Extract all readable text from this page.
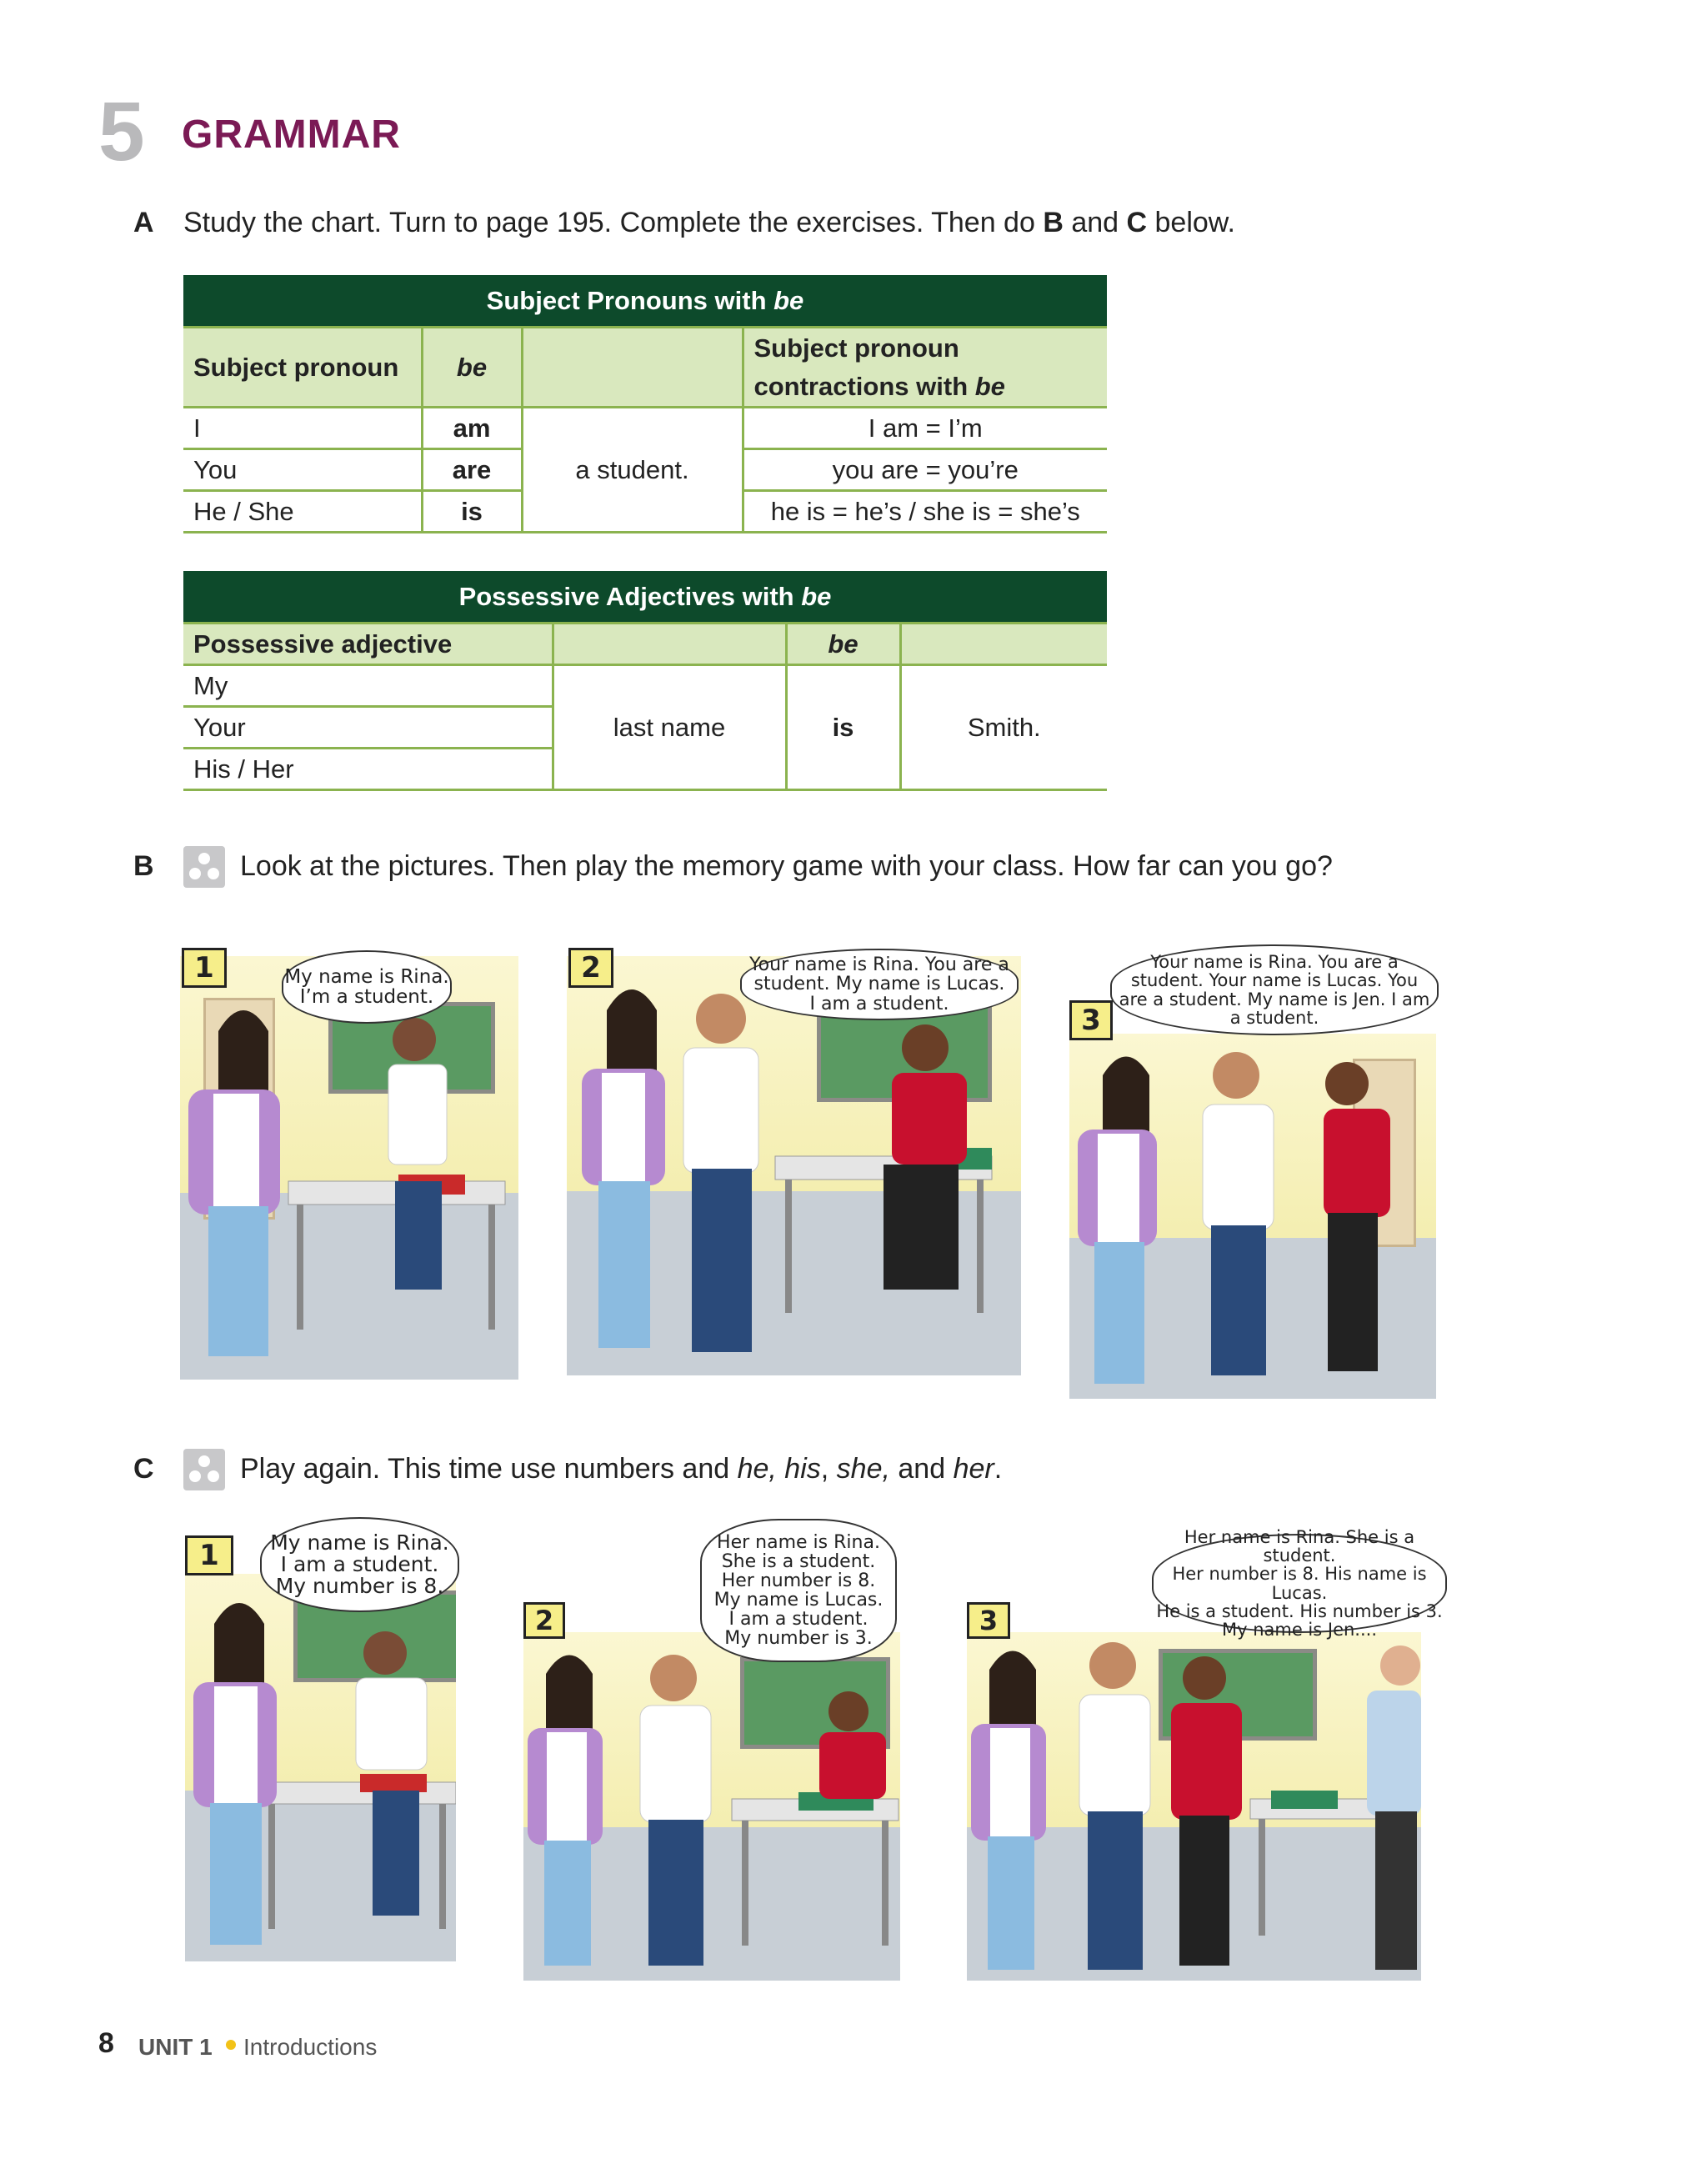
5 GRAMMAR
A Study the chart. Turn to page 195. Complete the exercises. Then do B and C below.
Subject Pronouns with be			
Subject pronoun	be		Subject pronoun
contractions with be
I	am	a student.	I am = I’m
You	are		you are = you’re
He / She	is		he is = he’s / she is = she’s
Possessive Adjectives with be			
Possessive adjective		be	
My	last name	is	Smith.
Your			
His / Her			
B	Look at the pictures. Then play the memory game with your class. How far can you go?
1	My name is Rina.
I’m a student.
2	Your name is Rina. You are a
student. My name is Lucas.
I am a student.	3
Your name is Rina. You are a
student. Your name is Lucas. You
are a student. My name is Jen. I am
a student.
C	Play again. This time use numbers and he, his, she, and her.
1	My name is Rina.
I am a student.
My number is 8.
2
Her name is Rina.
She is a student.
Her number is 8.
My name is Lucas.
I am a student.
My number is 3.
3
Her name is Rina. She is a student.
Her number is 8. His name is Lucas.
He is a student. His number is 3.
My name is Jen....
8 UNIT 1 Introductions
